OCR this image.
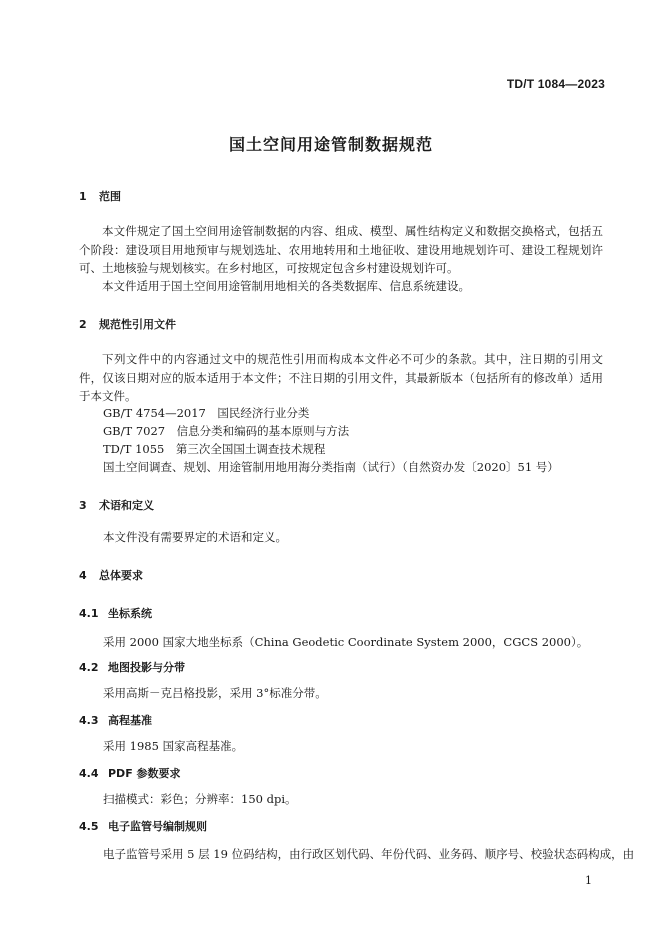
TD/T 1084—2023
国土空间用途管制数据规范
1 范围
本文件规定了国土空间用途管制数据的内容、组成、模型、属性结构定义和数据交换格式，包括五个阶段：建设项目用地预审与规划选址、农用地转用和土地征收、建设用地规划许可、建设工程规划许可、土地核验与规划核实。在乡村地区，可按规定包含乡村建设规划许可。
本文件适用于国土空间用途管制用地相关的各类数据库、信息系统建设。
2 规范性引用文件
下列文件中的内容通过文中的规范性引用而构成本文件必不可少的条款。其中，注日期的引用文件，仅该日期对应的版本适用于本文件；不注日期的引用文件，其最新版本（包括所有的修改单）适用于本文件。
GB/T 4754—2017　国民经济行业分类
GB/T 7027　信息分类和编码的基本原则与方法
TD/T 1055　第三次全国国土调查技术规程
国土空间调查、规划、用途管制用地用海分类指南（试行）（自然资办发〔2020〕51 号）
3 术语和定义
本文件没有需要界定的术语和定义。
4 总体要求
4.1 坐标系统
采用 2000 国家大地坐标系（China Geodetic Coordinate System 2000，CGCS 2000）。
4.2 地图投影与分带
采用高斯－克吕格投影，采用 3°标准分带。
4.3 高程基准
采用 1985 国家高程基准。
4.4 PDF 参数要求
扫描模式：彩色；分辨率：150 dpi。
4.5 电子监管号编制规则
电子监管号采用 5 层 19 位码结构，由行政区划代码、年份代码、业务码、顺序号、校验状态码构成，由
1
